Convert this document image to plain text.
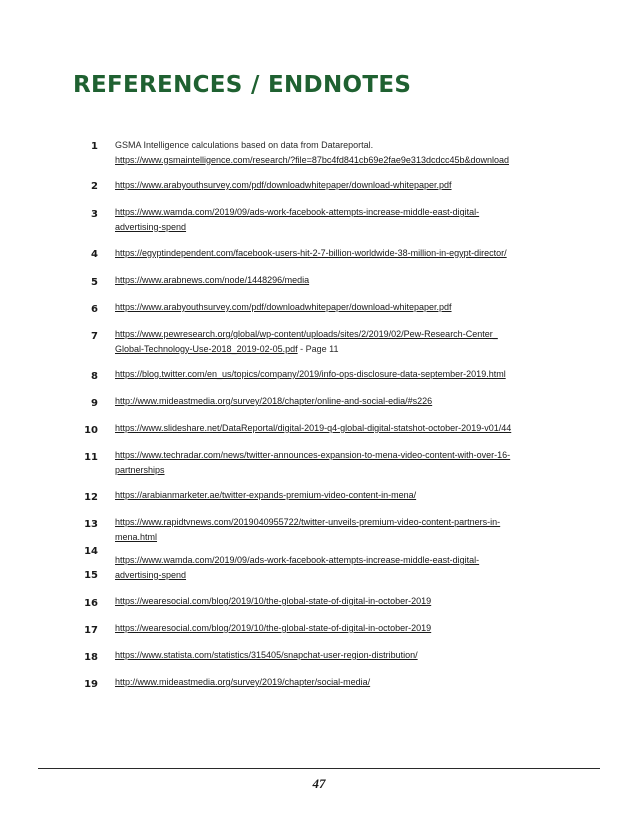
REFERENCES / ENDNOTES
1 GSMA Intelligence calculations based on data from Datareportal.
https://www.gsmaintelligence.com/research/?file=87bc4fd841cb69e2fae9e313dcdcc45b&download
2 https://www.arabyouthsurvey.com/pdf/downloadwhitepaper/download-whitepaper.pdf
3 https://www.wamda.com/2019/09/ads-work-facebook-attempts-increase-middle-east-digital-
advertising-spend
4 https://egyptindependent.com/facebook-users-hit-2-7-billion-worldwide-38-million-in-egypt-director/
5 https://www.arabnews.com/node/1448296/media
6 https://www.arabyouthsurvey.com/pdf/downloadwhitepaper/download-whitepaper.pdf
7 https://www.pewresearch.org/global/wp-content/uploads/sites/2/2019/02/Pew-Research-Center_
Global-Technology-Use-2018_2019-02-05.pdf - Page 11
8 https://blog.twitter.com/en_us/topics/company/2019/info-ops-disclosure-data-september-2019.html
9 http://www.mideastmedia.org/survey/2018/chapter/online-and-social-edia/#s226
10 https://www.slideshare.net/DataReportal/digital-2019-q4-global-digital-statshot-october-2019-v01/44
11 https://www.techradar.com/news/twitter-announces-expansion-to-mena-video-content-with-over-16-
partnerships
12 https://arabianmarketer.ae/twitter-expands-premium-video-content-in-mena/
13 https://www.rapidtvnews.com/2019040955722/twitter-unveils-premium-video-content-partners-in-
mena.html
14
15
https://www.wamda.com/2019/09/ads-work-facebook-attempts-increase-middle-east-digital-
advertising-spend
16 https://wearesocial.com/blog/2019/10/the-global-state-of-digital-in-october-2019
17 https://wearesocial.com/blog/2019/10/the-global-state-of-digital-in-october-2019
18 https://www.statista.com/statistics/315405/snapchat-user-region-distribution/
19 http://www.mideastmedia.org/survey/2019/chapter/social-media/
47
